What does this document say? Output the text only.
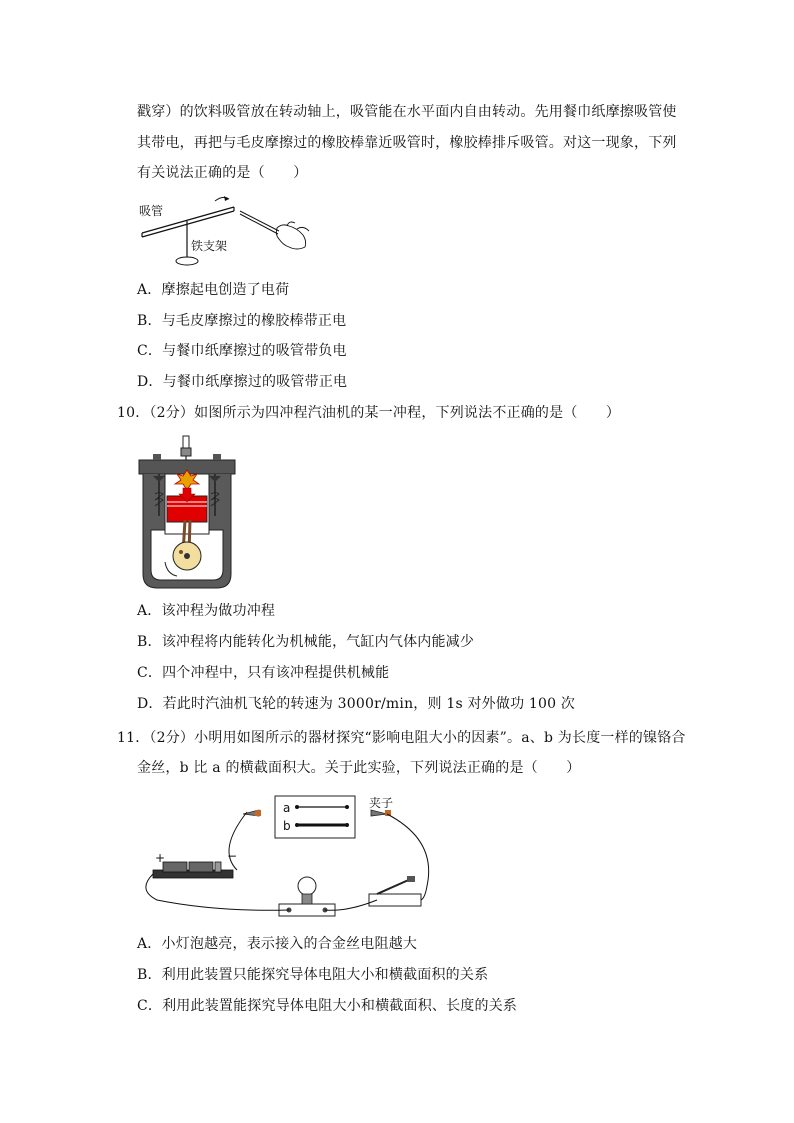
戳穿）的饮料吸管放在转动轴上，吸管能在水平面内自由转动。先用餐巾纸摩擦吸管使
其带电，再把与毛皮摩擦过的橡胶棒靠近吸管时，橡胶棒排斥吸管。对这一现象，下列
有关说法正确的是（　　）
吸管
铁支架
A．摩擦起电创造了电荷
B．与毛皮摩擦过的橡胶棒带正电
C．与餐巾纸摩擦过的吸管带负电
D．与餐巾纸摩擦过的吸管带正电
10．（2分）如图所示为四冲程汽油机的某一冲程，下列说法不正确的是（　　）
A．该冲程为做功冲程
B．该冲程将内能转化为机械能，气缸内气体内能减少
C．四个冲程中，只有该冲程提供机械能
D．若此时汽油机飞轮的转速为 3000r/min，则 1s 对外做功 100 次
11．（2分）小明用如图所示的器材探究“影响电阻大小的因素”。a、b 为长度一样的镍铬合
金丝，b 比 a 的横截面积大。关于此实验，下列说法正确的是（　　）
a
b
夹子
+	−
A．小灯泡越亮，表示接入的合金丝电阻越大
B．利用此装置只能探究导体电阻大小和横截面积的关系
C．利用此装置能探究导体电阻大小和横截面积、长度的关系
